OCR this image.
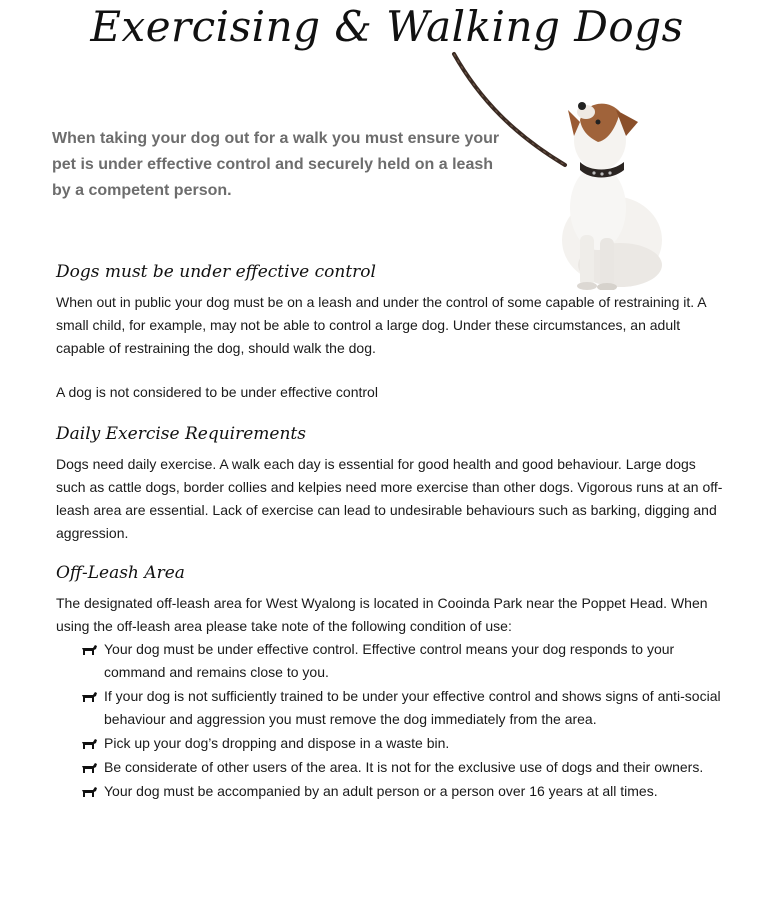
Exercising & Walking Dogs
When taking your dog out for a walk you must ensure your pet is under effective control and securely held on a leash by a competent person.
Dogs must be under effective control
When out in public your dog must be on a leash and under the control of some capable of restraining it. A small child, for example, may not be able to control a large dog. Under these circumstances, an adult capable of restraining the dog, should walk the dog.
A dog is not considered to be under effective control
Daily Exercise Requirements
Dogs need daily exercise. A walk each day is essential for good health and good behaviour. Large dogs such as cattle dogs, border collies and kelpies need more exercise than other dogs. Vigorous runs at an off-leash area are essential. Lack of exercise can lead to undesirable behaviours such as barking, digging and aggression.
Off-Leash Area
The designated off-leash area for West Wyalong is located in Cooinda Park near the Poppet Head. When using the off-leash area please take note of the following condition of use:
Your dog must be under effective control. Effective control means your dog responds to your command and remains close to you.
If your dog is not sufficiently trained to be under your effective control and shows signs of anti-social behaviour and aggression you must remove the dog immediately from the area.
Pick up your dog’s dropping and dispose in a waste bin.
Be considerate of other users of the area. It is not for the exclusive use of dogs and their owners.
Your dog must be accompanied by an adult person or a person over 16 years at all times.
